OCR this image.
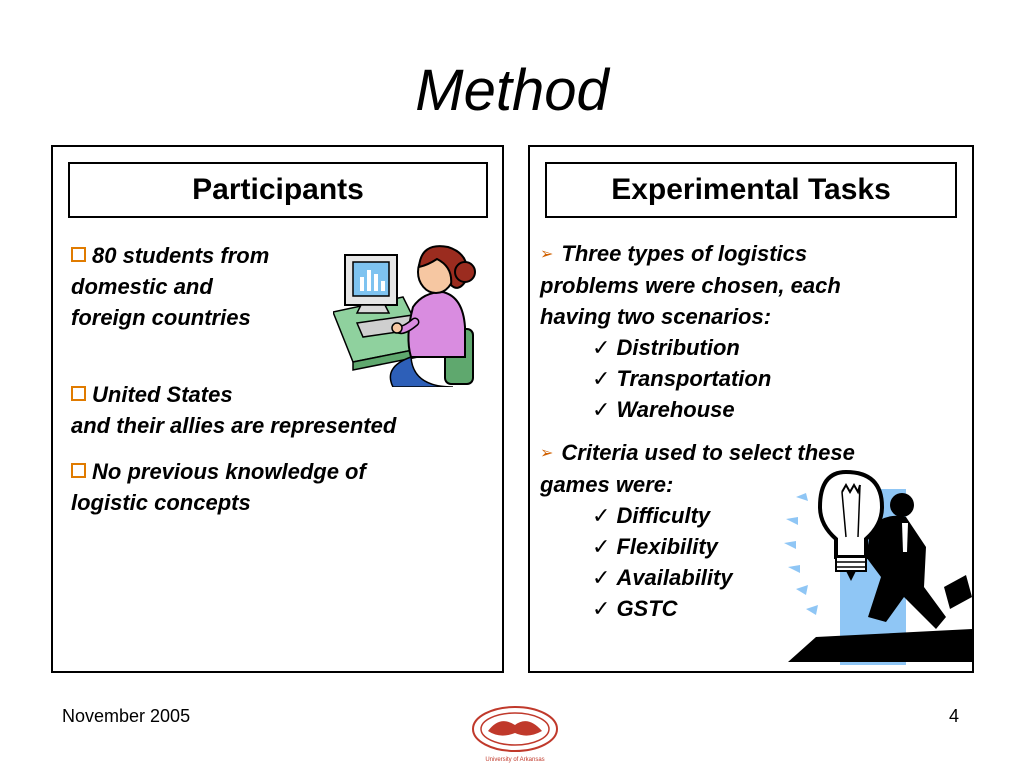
Method
Participants
80 students from
domestic and
foreign countries
United States
and their allies are represented
No previous knowledge of
logistic concepts
Experimental Tasks
➢ Three types of logistics
problems were chosen, each
having two scenarios:
✓ Distribution
✓ Transportation
✓ Warehouse
➢ Criteria used to select these
games were:
✓ Difficulty
✓ Flexibility
✓ Availability
✓ GSTC
November 2005
University of Arkansas
4
